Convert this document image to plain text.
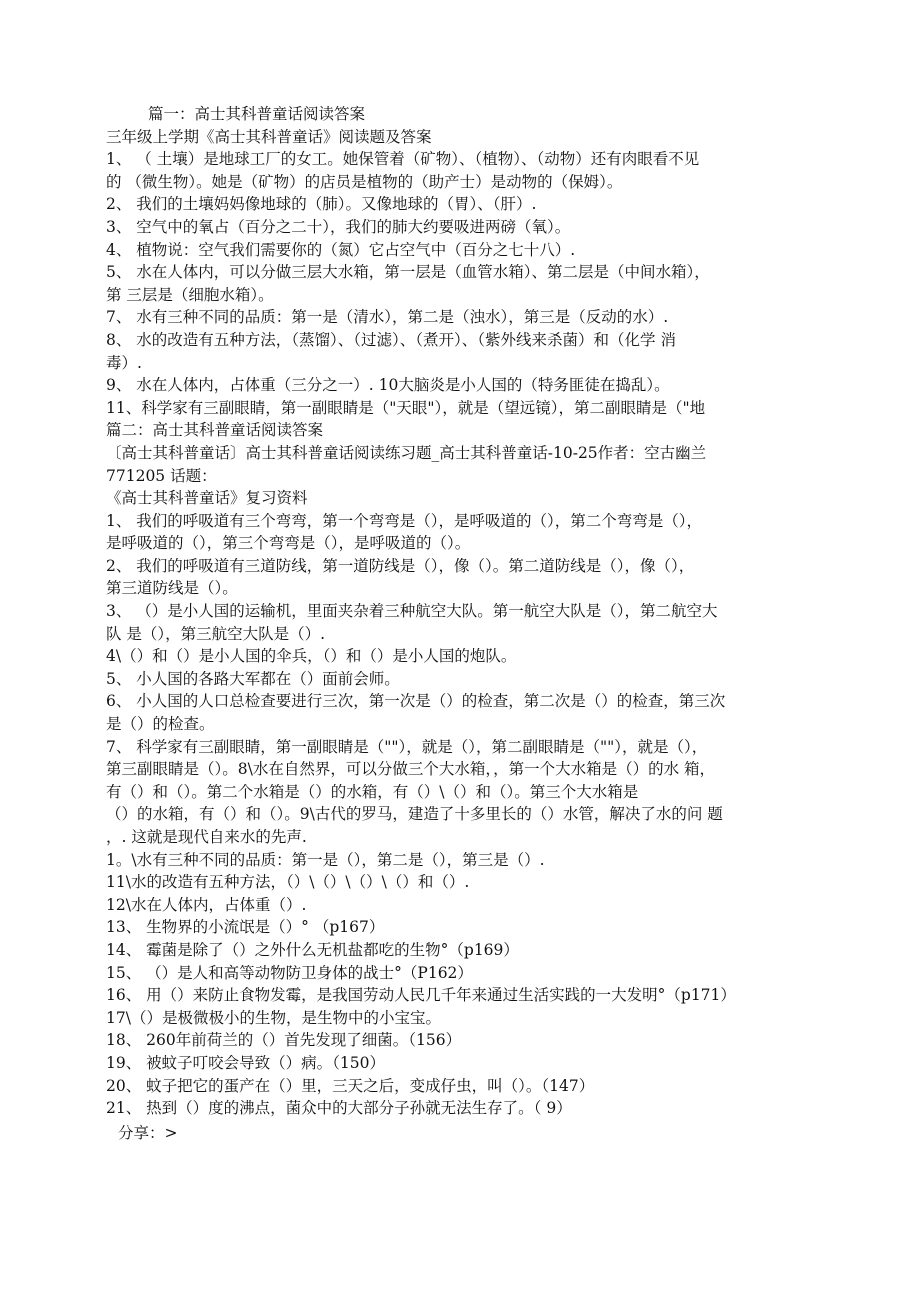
篇一：高士其科普童话阅读答案
三年级上学期《高士其科普童话》阅读题及答案
1、 （ 土壤）是地球工厂的女工。她保管着（矿物）、（植物）、（动物）还有肉眼看不见
的 （微生物）。她是（矿物）的店员是植物的（助产士）是动物的（保姆）。
2、 我们的土壤妈妈像地球的（肺）。又像地球的（胃）、（肝）.
3、 空气中的氧占（百分之二十），我们的肺大约要吸进两磅（氧）。
4、 植物说：空气我们需要你的（氮）它占空气中（百分之七十八）.
5、 水在人体内，可以分做三层大水箱，第一层是（血管水箱）、第二层是（中间水箱），
第 三层是（细胞水箱）。
7、 水有三种不同的品质：第一是（清水），第二是（浊水），第三是（反动的水）.
8、 水的改造有五种方法，（蒸馏）、（过滤）、（煮开）、（紫外线来杀菌）和（化学 消
毒）.
9、 水在人体内，占体重（三分之一）. 10大脑炎是小人国的（特务匪徒在捣乱）。
11、科学家有三副眼睛，第一副眼睛是（"天眼"），就是（望远镜），第二副眼睛是（"地
篇二：高士其科普童话阅读答案
〔高士其科普童话〕高士其科普童话阅读练习题_高士其科普童话-10-25作者：空古幽兰
771205 话题：
《高士其科普童话》复习资料
1、 我们的呼吸道有三个弯弯，第一个弯弯是（），是呼吸道的（），第二个弯弯是（），
是呼吸道的（），第三个弯弯是（），是呼吸道的（）。
2、 我们的呼吸道有三道防线，第一道防线是（），像（）。第二道防线是（），像（），
第三道防线是（）。
3、 （）是小人国的运输机，里面夹杂着三种航空大队。第一航空大队是（），第二航空大
队 是（），第三航空大队是（）.
4\（）和（）是小人国的伞兵，（）和（）是小人国的炮队。
5、 小人国的各路大军都在（）面前会师。
6、 小人国的人口总检查要进行三次，第一次是（）的检查，第二次是（）的检查，第三次
是（）的检查。
7、 科学家有三副眼睛，第一副眼睛是（""），就是（），第二副眼睛是（""），就是（），
第三副眼睛是（）。8\水在自然界，可以分做三个大水箱，，第一个大水箱是（）的水 箱，
有（）和（）。第二个水箱是（）的水箱，有（）\（）和（）。第三个大水箱是
（）的水箱，有（）和（）。9\古代的罗马，建造了十多里长的（）水管，解决了水的问 题
，. 这就是现代自来水的先声.
1。\水有三种不同的品质：第一是（），第二是（），第三是（）.
11\水的改造有五种方法，（）\（）\（）\（）和（）.
12\水在人体内，占体重（）.
13、 生物界的小流氓是（）° （p167）
14、 霉菌是除了（）之外什么无机盐都吃的生物°（p169）
15、 （）是人和高等动物防卫身体的战士°（P162）
16、 用（）来防止食物发霉，是我国劳动人民几千年来通过生活实践的一大发明°（p171）
17\（）是极微极小的生物，是生物中的小宝宝。
18、 260年前荷兰的（）首先发现了细菌。（156）
19、 被蚊子叮咬会导致（）病。（150）
20、 蚊子把它的蛋产在（）里，三天之后，变成仔虫，叫（）。（147）
21、 热到（）度的沸点，菌众中的大部分子孙就无法生存了。（ 9）
分享：>
